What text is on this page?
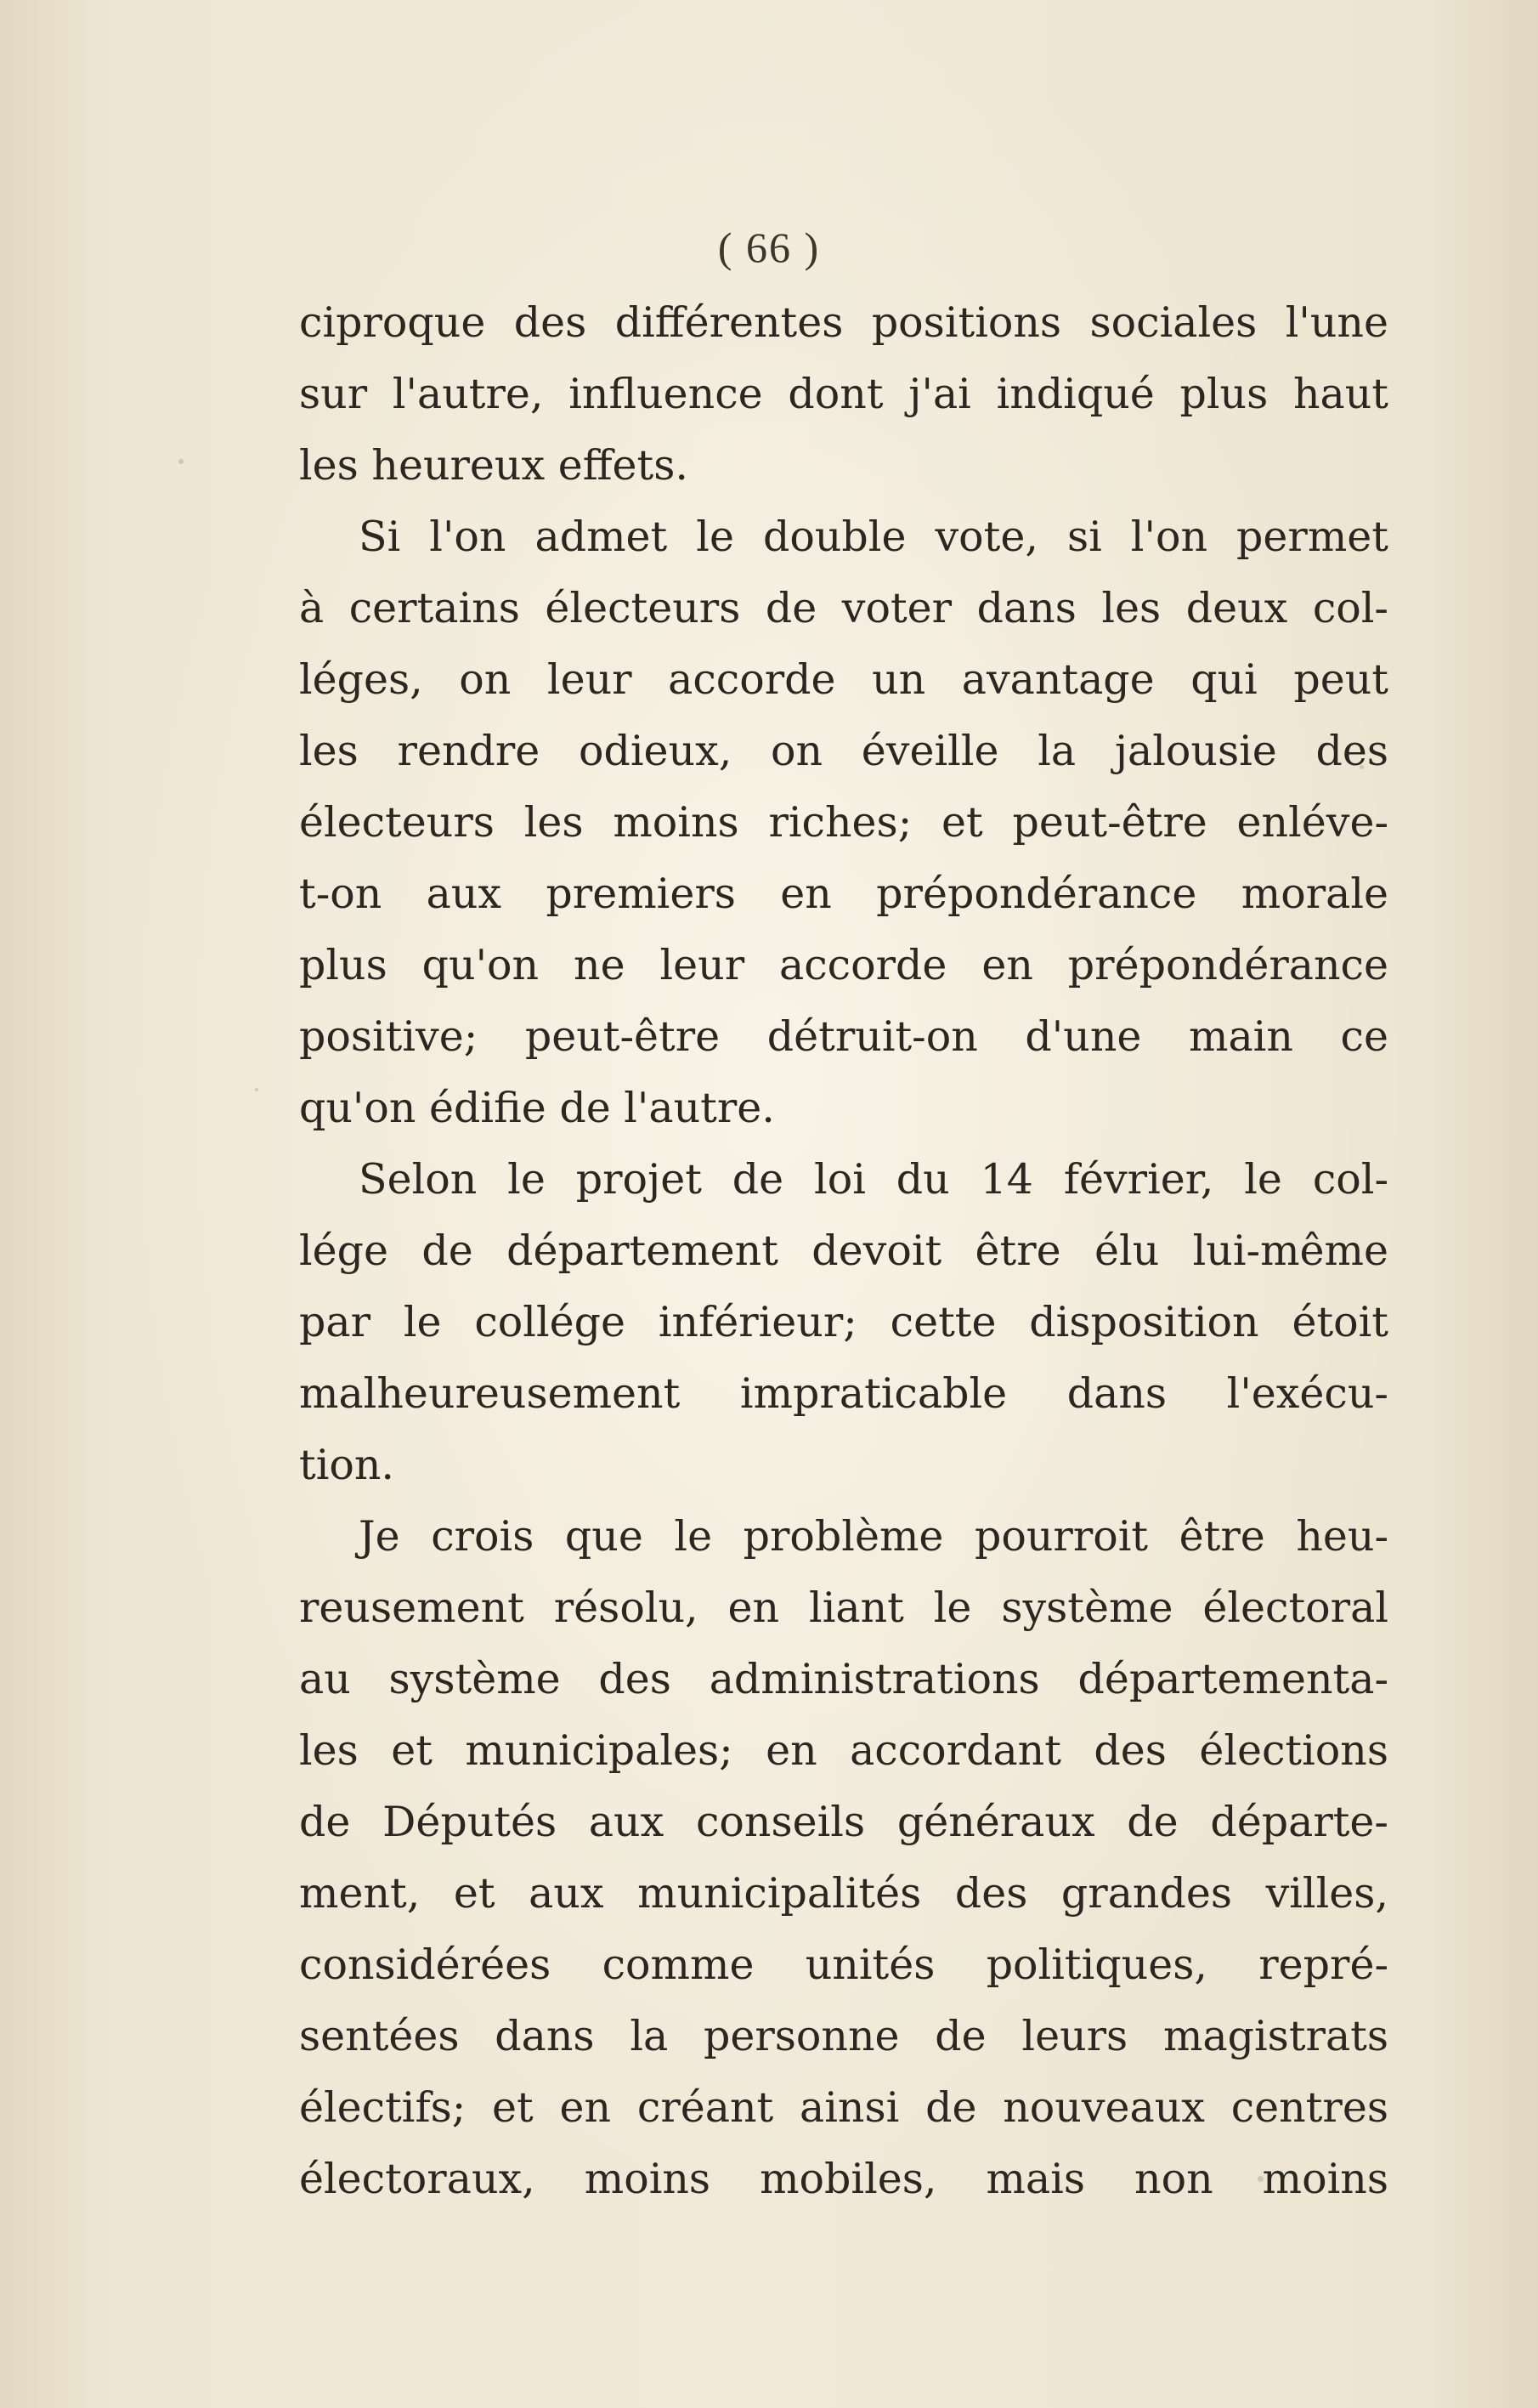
( 66 )
ciproque des différentes positions sociales l'une
sur l'autre, influence dont j'ai indiqué plus haut
les heureux effets.
Si l'on admet le double vote, si l'on permet
à certains électeurs de voter dans les deux col-
léges, on leur accorde un avantage qui peut
les rendre odieux, on éveille la jalousie des
électeurs les moins riches; et peut-être enléve-
t-on aux premiers en prépondérance morale
plus qu'on ne leur accorde en prépondérance
positive; peut-être détruit-on d'une main ce
qu'on édifie de l'autre.
Selon le projet de loi du 14 février, le col-
lége de département devoit être élu lui-même
par le collége inférieur; cette disposition étoit
malheureusement impraticable dans l'exécu-
tion.
Je crois que le problème pourroit être heu-
reusement résolu, en liant le système électoral
au système des administrations départementa-
les et municipales; en accordant des élections
de Députés aux conseils généraux de départe-
ment, et aux municipalités des grandes villes,
considérées comme unités politiques, repré-
sentées dans la personne de leurs magistrats
électifs; et en créant ainsi de nouveaux centres
électoraux, moins mobiles, mais non moins
